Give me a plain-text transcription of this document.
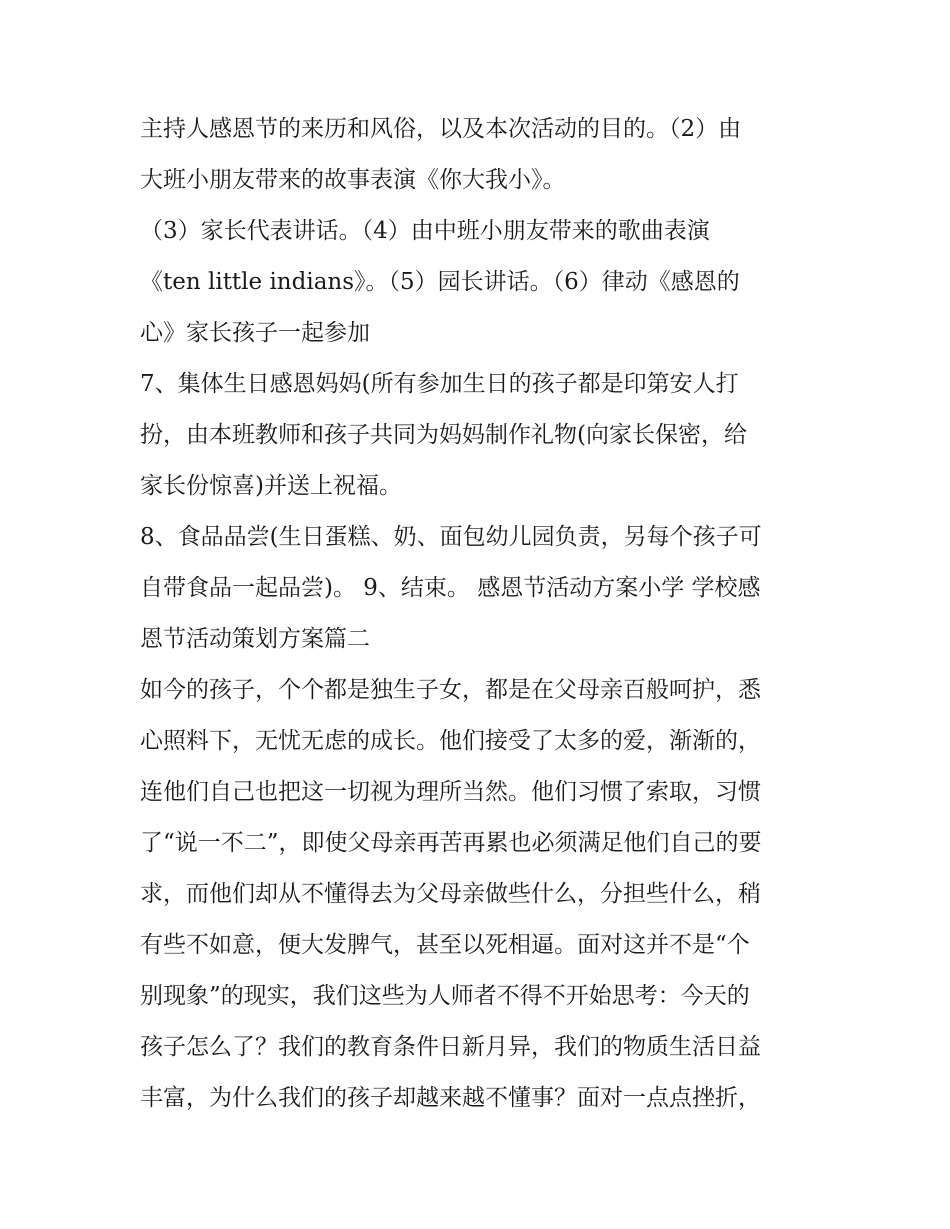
主持人感恩节的来历和风俗，以及本次活动的目的。（2）由
大班小朋友带来的故事表演《你大我小》。
（3）家长代表讲话。（4）由中班小朋友带来的歌曲表演
《ten little indians》。（5）园长讲话。（6）律动《感恩的
心》家长孩子一起参加
7、集体生日感恩妈妈(所有参加生日的孩子都是印第安人打
扮，由本班教师和孩子共同为妈妈制作礼物(向家长保密，给
家长份惊喜)并送上祝福。
8、食品品尝(生日蛋糕、奶、面包幼儿园负责，另每个孩子可
自带食品一起品尝)。 9、结束。 感恩节活动方案小学 学校感
恩节活动策划方案篇二
如今的孩子，个个都是独生子女，都是在父母亲百般呵护，悉
心照料下，无忧无虑的成长。他们接受了太多的爱，渐渐的，
连他们自己也把这一切视为理所当然。他们习惯了索取，习惯
了“说一不二”，即使父母亲再苦再累也必须满足他们自己的要
求，而他们却从不懂得去为父母亲做些什么，分担些什么，稍
有些不如意，便大发脾气，甚至以死相逼。面对这并不是“个
别现象”的现实，我们这些为人师者不得不开始思考：今天的
孩子怎么了？我们的教育条件日新月异，我们的物质生活日益
丰富，为什么我们的孩子却越来越不懂事？面对一点点挫折，
